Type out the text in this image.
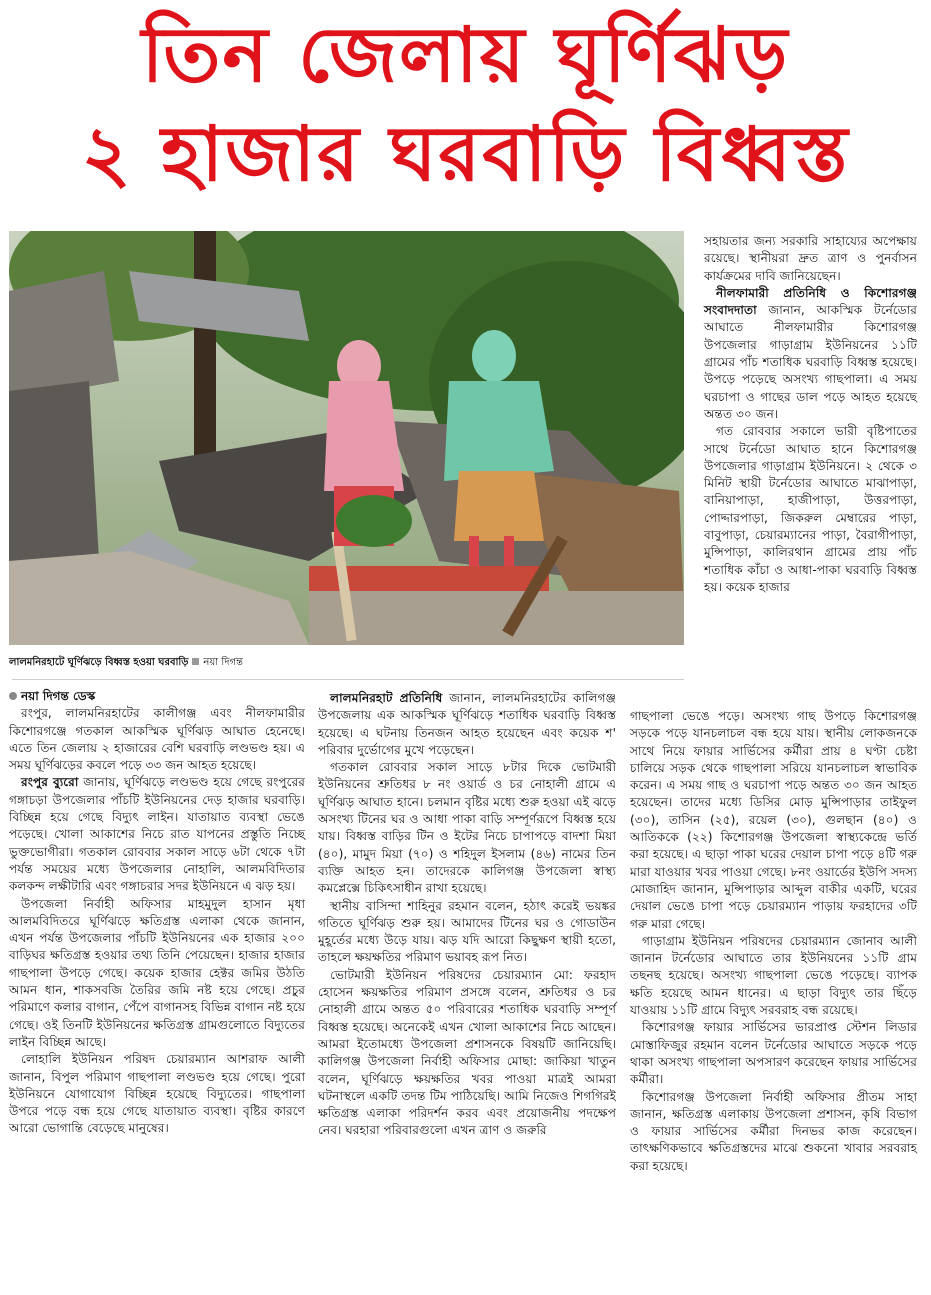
তিন জেলায় ঘূর্ণিঝড়
২ হাজার ঘরবাড়ি বিধ্বস্ত
লালমনিরহাটে ঘূর্ণিঝড়ে বিধ্বস্ত হওয়া ঘরবাড়ি নয়া দিগন্ত

নয়া দিগন্ত ডেস্ক

রংপুর, লালমনিরহাটের কালীগঞ্জ এবং নীলফামারীর কিশোরগঞ্জে গতকাল আকস্মিক ঘূর্ণিঝড় আঘাত হেনেছে। এতে তিন জেলায় ২ হাজারের বেশি ঘরবাড়ি লণ্ডভণ্ড হয়। এ সময় ঘূর্ণিঝড়ের কবলে পড়ে ৩৩ জন আহত হয়েছে।

রংপুর ব্যুরো জানায়, ঘূর্ণিঝড়ে লণ্ডভণ্ড হয়ে গেছে রংপুরের গঙ্গাচড়া উপজেলার পাঁচটি ইউনিয়নের দেড় হাজার ঘরবাড়ি। বিচ্ছিন্ন হয়ে গেছে বিদ্যুৎ লাইন। যাতায়াত ব্যবস্থা ভেঙে পড়েছে। খোলা আকাশের নিচে রাত যাপনের প্রস্তুতি নিচ্ছে ভুক্তভোগীরা। গতকাল রোববার সকাল সাড়ে ৬টা থেকে ৭টা পর্যন্ত সময়ের মধ্যে উপজেলার নোহালি, আলমবিদিতার কলকন্দ লক্ষীটারি এবং গঙ্গাচরার সদর ইউনিয়নে এ ঝড় হয়।

উপজেলা নির্বাহী অফিসার মাহমুদুল হাসান মৃধা আলমবিদিতরে ঘূর্ণিঝড়ে ক্ষতিগ্রস্ত এলাকা থেকে জানান, এখন পর্যন্ত উপজেলার পাঁচটি ইউনিয়নের এক হাজার ২০০ বাড়িঘর ক্ষতিগ্রস্ত হওয়ার তথ্য তিনি পেয়েছেন। হাজার হাজার গাছপালা উপড়ে গেছে। কয়েক হাজার হেক্টর জমির উঠতি আমন ধান, শাকসবজি তৈরির জমি নষ্ট হয়ে গেছে। প্রচুর পরিমাণে কলার বাগান, পেঁপে বাগানসহ বিভিন্ন বাগান নষ্ট হয়ে গেছে। ওই তিনটি ইউনিয়নের ক্ষতিগ্রস্ত গ্রামগুলোতে বিদ্যুতের লাইন বিচ্ছিন্ন আছে।

লোহালি ইউনিয়ন পরিষদ চেয়ারম্যান আশরাফ আলী জানান, বিপুল পরিমাণ গাছপালা লণ্ডভণ্ড হয়ে গেছে। পুরো ইউনিয়নে যোগাযোগ বিচ্ছিন্ন হয়েছে বিদ্যুতের। গাছপালা উপরে পড়ে বন্ধ হয়ে গেছে যাতায়াত ব্যবস্থা। বৃষ্টির কারণে আরো ভোগান্তি বেড়েছে মানুষের।

লালমনিরহাট প্রতিনিধি জানান, লালমনিরহাটের কালিগঞ্জ উপজেলায় এক আকস্মিক ঘূর্ণিঝড়ে শতাধিক ঘরবাড়ি বিধ্বস্ত হয়েছে। এ ঘটনায় তিনজন আহত হয়েছেন এবং কয়েক শ' পরিবার দুর্ভোগের মুখে পড়েছেন।

গতকাল রোববার সকাল সাড়ে ৮টার দিকে ভোটমারী ইউনিয়নের শ্রুতিধর ৮ নং ওয়ার্ড ও চর নোহালী গ্রামে এ ঘূর্ণিঝড় আঘাত হানে। চলমান বৃষ্টির মধ্যে শুরু হওয়া এই ঝড়ে অসংখ্য টিনের ঘর ও আধা পাকা বাড়ি সম্পূর্ণরূপে বিধ্বস্ত হয়ে যায়। বিধ্বস্ত বাড়ির টিন ও ইটের নিচে চাপাপড়ে বাদশা মিয়া (৪০), মামুদ মিয়া (৭০) ও শহিদুল ইসলাম (৪৬) নামের তিন ব্যক্তি আহত হন। তাদেরকে কালিগঞ্জ উপজেলা স্বাস্থ্য কমপ্লেক্সে চিকিৎসাধীন রাখা হয়েছে।

স্থানীয় বাসিন্দা শাহিনুর রহমান বলেন, হঠাৎ করেই ভয়ঙ্কর গতিতে ঘূর্ণিঝড় শুরু হয়। আমাদের টিনের ঘর ও গোডাউন মুহূর্তের মধ্যে উড়ে যায়। ঝড় যদি আরো কিছুক্ষণ স্থায়ী হতো, তাহলে ক্ষয়ক্ষতির পরিমাণ ভয়াবহ রূপ নিত।

ভোটমারী ইউনিয়ন পরিষদের চেয়ারম্যান মো: ফরহাদ হোসেন ক্ষয়ক্ষতির পরিমাণ প্রসঙ্গে বলেন, শ্রুতিধর ও চর নোহালী গ্রামে অন্তত ৫০ পরিবারের শতাধিক ঘরবাড়ি সম্পূর্ণ বিধ্বস্ত হয়েছে। অনেকেই এখন খোলা আকাশের নিচে আছেন। আমরা ইতোমধ্যে উপজেলা প্রশাসনকে বিষয়টি জানিয়েছি। কালিগঞ্জ উপজেলা নির্বাহী অফিসার মোছা: জাকিয়া খাতুন বলেন, ঘূর্ণিঝড়ে ক্ষয়ক্ষতির খবর পাওয়া মাত্রই আমরা ঘটনাস্থলে একটি তদন্ত টিম পাঠিয়েছি। আমি নিজেও শিগগিরই ক্ষতিগ্রস্ত এলাকা পরিদর্শন করব এবং প্রয়োজনীয় পদক্ষেপ নেব। ঘরহারা পরিবারগুলো এখন ত্রাণ ও জরুরি

সহায়তার জন্য সরকারি সাহায্যের অপেক্ষায় রয়েছে। স্থানীয়রা দ্রুত ত্রাণ ও পুনর্বাসন কার্যক্রমের দাবি জানিয়েছেন।

নীলফামারী প্রতিনিধি ও কিশোরগঞ্জ সংবাদদাতা জানান, আকস্মিক টর্নেডোর আঘাতে নীলফামারীর কিশোরগঞ্জ উপজেলার গাড়াগ্রাম ইউনিয়নের ১১টি গ্রামের পাঁচ শতাধিক ঘরবাড়ি বিধ্বস্ত হয়েছে। উপড়ে পড়েছে অসংখ্য গাছপালা। এ সময় ঘরচাপা ও গাছের ডাল পড়ে আহত হয়েছে অন্তত ৩০ জন।

গত রোববার সকালে ভারী বৃষ্টিপাতের সাথে টর্নেডো আঘাত হানে কিশোরগঞ্জ উপজেলার গাড়াগ্রাম ইউনিয়নে। ২ থেকে ৩ মিনিট স্থায়ী টর্নেডোর আঘাতে মাঝাপাড়া, বানিয়াপাড়া, হাজীপাড়া, উত্তরপাড়া, পোদ্দারপাড়া, জিকরুল মেম্বারের পাড়া, বাবুপাড়া, চেয়ারম্যানের পাড়া, বৈরাগীপাড়া, মুন্সিপাড়া, কালিরথান গ্রামের প্রায় পাঁচ শতাধিক কাঁচা ও আধা-পাকা ঘরবাড়ি বিধ্বস্ত হয়। কয়েক হাজার

গাছপালা ভেঙে পড়ে। অসংখ্য গাছ উপড়ে কিশোরগঞ্জ সড়কে পড়ে যানচলাচল বন্ধ হয়ে যায়। স্থানীয় লোকজনকে সাথে নিয়ে ফায়ার সার্ভিসের কর্মীরা প্রায় ৪ ঘণ্টা চেষ্টা চালিয়ে সড়ক থেকে গাছপালা সরিয়ে যানচলাচল স্বাভাবিক করেন। এ সময় গাছ ও ঘরচাপা পড়ে অন্তত ৩০ জন আহত হয়েছেন। তাদের মধ্যে ডিসির মোড় মুন্সিপাড়ার তাইফুল (৩০), তাসিন (২৫), রয়েল (৩০), গুলছান (৪০) ও আতিককে (২২) কিশোরগঞ্জ উপজেলা স্বাস্থ্যকেন্দ্রে ভর্তি করা হয়েছে। এ ছাড়া পাকা ঘরের দেয়াল চাপা পড়ে ৪টি গরু মারা যাওয়ার খবর পাওয়া গেছে। ৮নং ওয়ার্ডের ইউপি সদস্য মোজাহিদ জানান, মুন্সিপাড়ার আব্দুল বাকীর একটি, ঘরের দেয়াল ভেঙে চাপা পড়ে চেয়ারম্যান পাড়ায় ফরহাদের ৩টি গরু মারা গেছে।

গাড়াগ্রাম ইউনিয়ন পরিষদের চেয়ারম্যান জোনাব আলী জানান টর্নেডোর আঘাতে তার ইউনিয়নের ১১টি গ্রাম তছনছ হয়েছে। অসংখ্য গাছপালা ভেঙে পড়েছে। ব্যাপক ক্ষতি হয়েছে আমন ধানের। এ ছাড়া বিদ্যুৎ তার ছিঁড়ে যাওয়ায় ১১টি গ্রামে বিদ্যুৎ সরবরাহ বন্ধ রয়েছে।

কিশোরগঞ্জ ফায়ার সার্ভিসের ভারপ্রাপ্ত স্টেশন লিডার মোস্তাফিজুর রহমান বলেন টর্নেডোর আঘাতে সড়কে পড়ে থাকা অসংখ্য গাছপালা অপসারণ করেছেন ফায়ার সার্ভিসের কর্মীরা।

কিশোরগঞ্জ উপজেলা নির্বাহী অফিসার প্রীতম সাহা জানান, ক্ষতিগ্রস্ত এলাকায় উপজেলা প্রশাসন, কৃষি বিভাগ ও ফায়ার সার্ভিসের কর্মীরা দিনভর কাজ করেছেন। তাৎক্ষণিকভাবে ক্ষতিগ্রস্তদের মাঝে শুকনো খাবার সরবরাহ করা হয়েছে।
